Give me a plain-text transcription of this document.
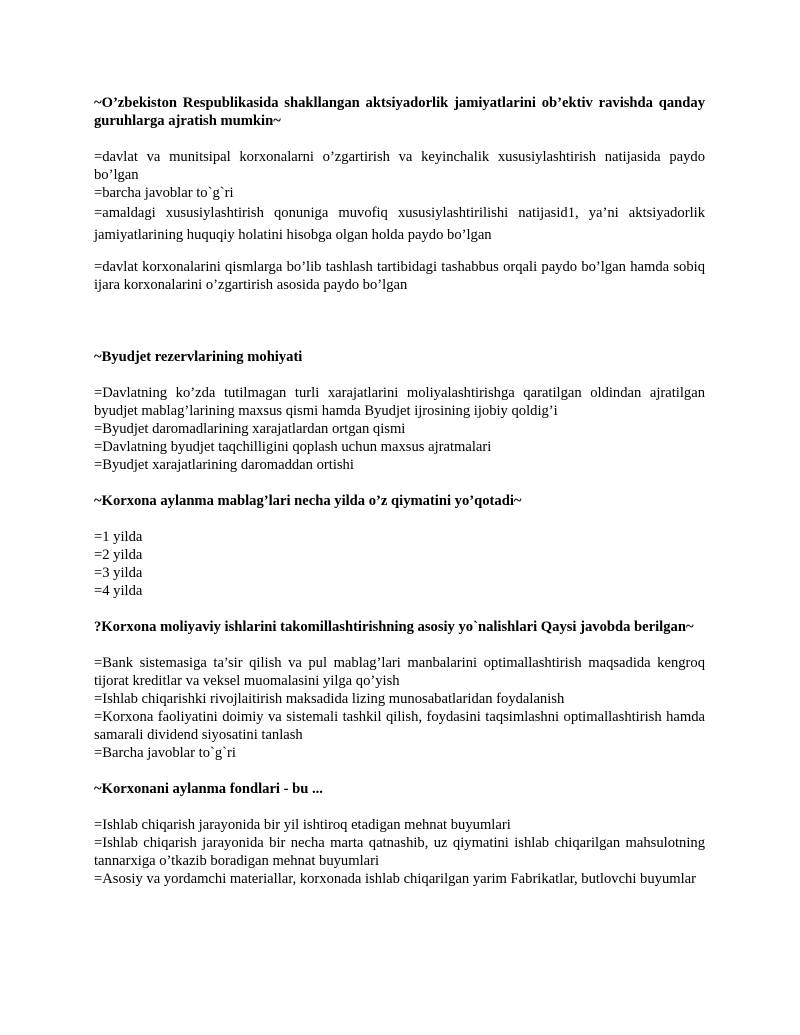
~O’zbekiston Respublikasida shakllangan aktsiyadorlik jamiyatlarini ob’ektiv ravishda qanday guruhlarga ajratish mumkin~
=davlat va munitsipal korxonalarni o’zgartirish va keyinchalik xususiylashtirish natijasida paydo bo’lgan
=barcha javoblar to`g`ri
=amaldagi xususiylashtirish qonuniga muvofiq xususiylashtirilishi natijasid1, ya’ni aktsiyadorlik jamiyatlarining huquqiy holatini hisobga olgan holda paydo bo’lgan
=davlat korxonalarini qismlarga bo’lib tashlash tartibidagi tashabbus orqali paydo bo’lgan hamda sobiq ijara korxonalarini o’zgartirish asosida paydo bo’lgan
~Byudjet rezervlarining mohiyati
=Davlatning ko’zda tutilmagan turli xarajatlarini moliyalashtirishga qaratilgan oldindan ajratilgan byudjet mablag’larining maxsus qismi hamda Byudjet ijrosining ijobiy qoldig’i
=Byudjet daromadlarining xarajatlardan ortgan qismi
=Davlatning byudjet taqchilligini qoplash uchun maxsus ajratmalari
=Byudjet xarajatlarining daromaddan ortishi
~Korxona aylanma mablag’lari necha yilda o’z qiymatini yo’qotadi~
=1 yilda
=2 yilda
=3 yilda
=4 yilda
?Korxona moliyaviy ishlarini takomillashtirishning asosiy yo`nalishlari Qaysi javobda berilgan~
=Bank sistemasiga ta’sir qilish va pul mablag’lari manbalarini optimallashtirish maqsadida kengroq tijorat kreditlar va veksel muomalasini yilga qo’yish
=Ishlab chiqarishki rivojlaitirish maksadida lizing munosabatlaridan foydalanish
=Korxona faoliyatini doimiy va sistemali tashkil qilish, foydasini taqsimlashni optimallashtirish hamda samarali dividend siyosatini tanlash
=Barcha javoblar to`g`ri
~Korxonani aylanma fondlari - bu ...
=Ishlab chiqarish jarayonida bir yil ishtiroq etadigan mehnat buyumlari
=Ishlab chiqarish jarayonida bir necha marta qatnashib, uz qiymatini ishlab chiqarilgan mahsulotning tannarxiga o’tkazib boradigan mehnat buyumlari
=Asosiy va yordamchi materiallar, korxonada ishlab chiqarilgan yarim Fabrikatlar, butlovchi buyumlar
